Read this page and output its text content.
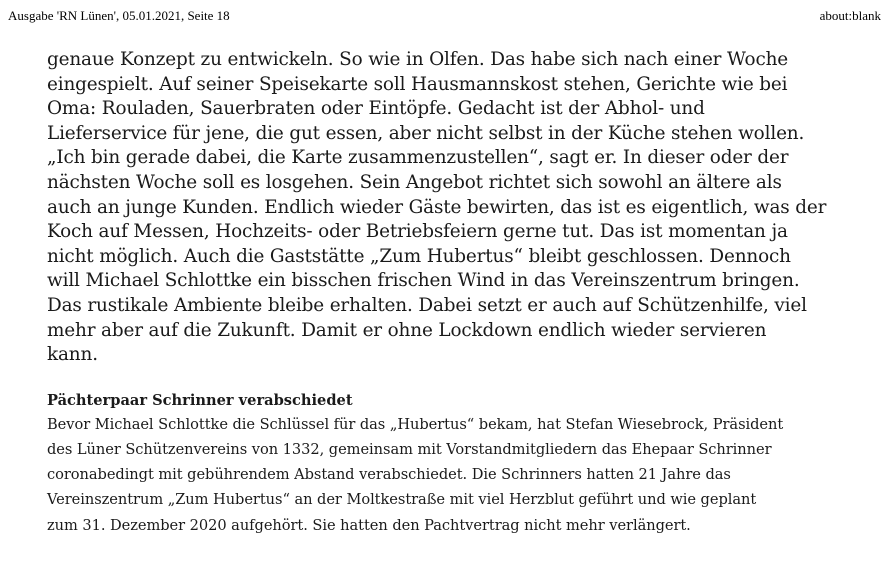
Ausgabe 'RN Lünen', 05.01.2021, Seite 18	about:blank

genaue Konzept zu entwickeln. So wie in Olfen. Das habe sich nach einer Woche
eingespielt. Auf seiner Speisekarte soll Hausmannskost stehen, Gerichte wie bei
Oma: Rouladen, Sauerbraten oder Eintöpfe. Gedacht ist der Abhol- und
Lieferservice für jene, die gut essen, aber nicht selbst in der Küche stehen wollen.
„Ich bin gerade dabei, die Karte zusammenzustellen“, sagt er. In dieser oder der
nächsten Woche soll es losgehen. Sein Angebot richtet sich sowohl an ältere als
auch an junge Kunden. Endlich wieder Gäste bewirten, das ist es eigentlich, was der
Koch auf Messen, Hochzeits- oder Betriebsfeiern gerne tut. Das ist momentan ja
nicht möglich. Auch die Gaststätte „Zum Hubertus“ bleibt geschlossen. Dennoch
will Michael Schlottke ein bisschen frischen Wind in das Vereinszentrum bringen.
Das rustikale Ambiente bleibe erhalten. Dabei setzt er auch auf Schützenhilfe, viel
mehr aber auf die Zukunft. Damit er ohne Lockdown endlich wieder servieren
kann.

Pächterpaar Schrinner verabschiedet

Bevor Michael Schlottke die Schlüssel für das „Hubertus“ bekam, hat Stefan Wiesebrock, Präsident
des Lüner Schützenvereins von 1332, gemeinsam mit Vorstandmitgliedern das Ehepaar Schrinner
coronabedingt mit gebührendem Abstand verabschiedet. Die Schrinners hatten 21 Jahre das
Vereinszentrum „Zum Hubertus“ an der Moltkestraße mit viel Herzblut geführt und wie geplant
zum 31. Dezember 2020 aufgehört. Sie hatten den Pachtvertrag nicht mehr verlängert.
